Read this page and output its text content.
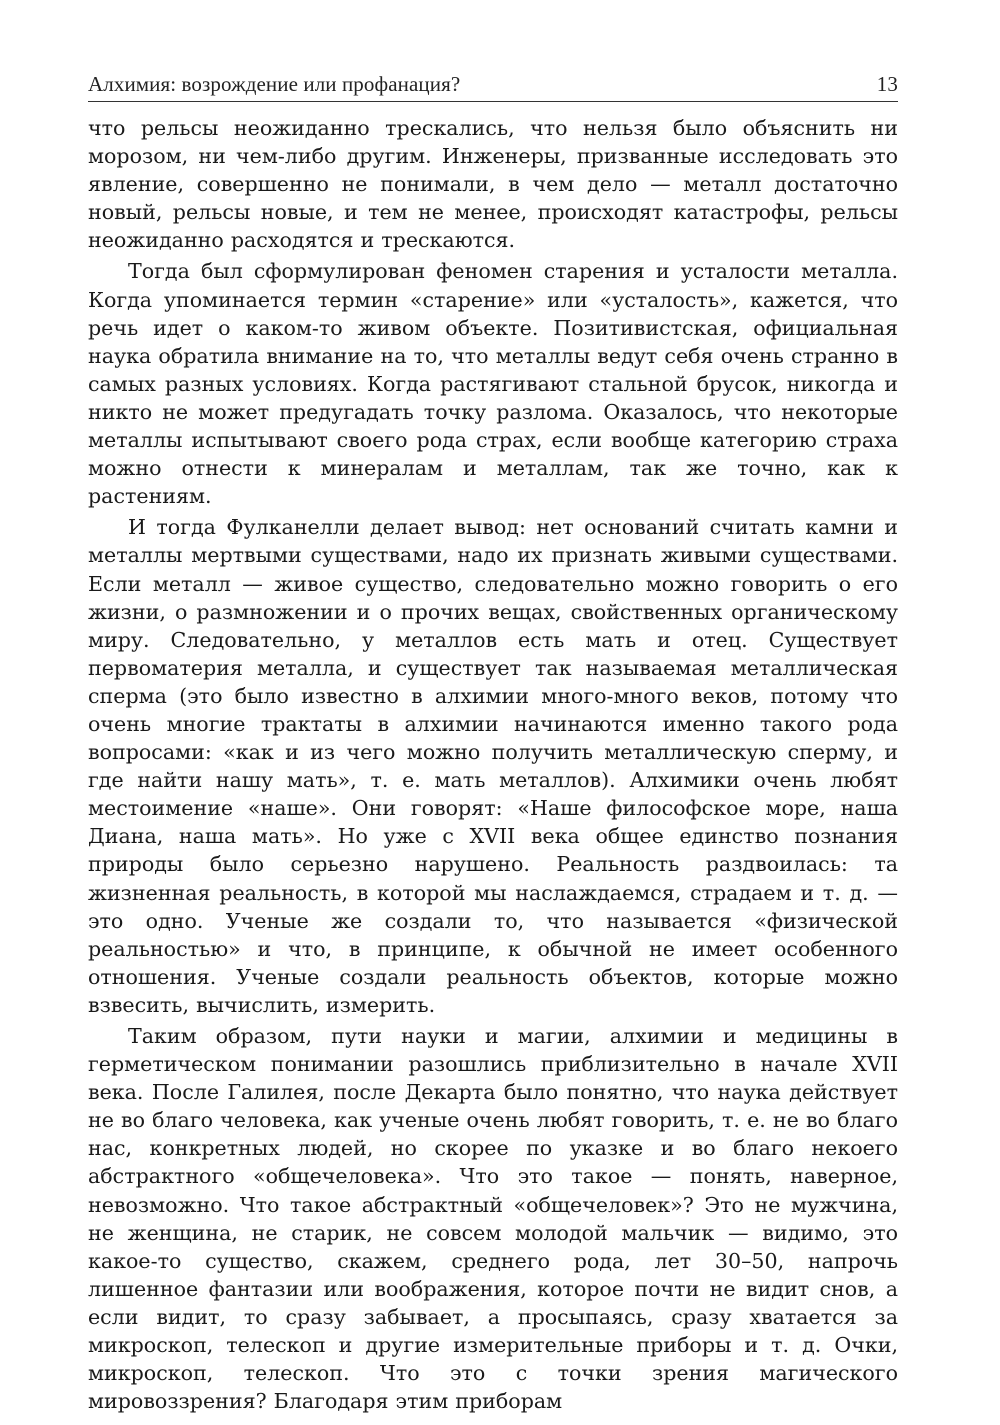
Алхимия: возрождение или профанация?	13

что рельсы неожиданно трескались, что нельзя было объяснить ни морозом, ни чем-либо другим. Инженеры, призванные исследовать это явление, совершенно не понимали, в чем дело — металл достаточно новый, рельсы новые, и тем не менее, происходят катастрофы, рельсы неожиданно расходятся и трескаются.

Тогда был сформулирован феномен старения и усталости металла. Когда упоминается термин «старение» или «усталость», кажется, что речь идет о каком-то живом объекте. Позитивистская, официальная наука обратила внимание на то, что металлы ведут себя очень странно в самых разных условиях. Когда растягивают стальной брусок, никогда и никто не может предугадать точку разлома. Оказалось, что некоторые металлы испытывают своего рода страх, если вообще категорию страха можно отнести к минералам и металлам, так же точно, как к растениям.

И тогда Фулканелли делает вывод: нет оснований считать камни и металлы мертвыми существами, надо их признать живыми существами. Если металл — живое существо, следовательно можно говорить о его жизни, о размножении и о прочих вещах, свойственных органическому миру. Следовательно, у металлов есть мать и отец. Существует первоматерия металла, и существует так называемая металлическая сперма (это было известно в алхимии много-много веков, потому что очень многие трактаты в алхимии начинаются именно такого рода вопросами: «как и из чего можно получить металлическую сперму, и где найти нашу мать», т. е. мать металлов). Алхимики очень любят местоимение «наше». Они говорят: «Наше философское море, наша Диана, наша мать». Но уже с XVII века общее единство познания природы было серьезно нарушено. Реальность раздвоилась: та жизненная реальность, в которой мы наслаждаемся, страдаем и т. д. — это одно. Ученые же создали то, что называется «физической реальностью» и что, в принципе, к обычной не имеет особенного отношения. Ученые создали реальность объектов, которые можно взвесить, вычислить, измерить.

Таким образом, пути науки и магии, алхимии и медицины в герметическом понимании разошлись приблизительно в начале XVII века. После Галилея, после Декарта было понятно, что наука действует не во благо человека, как ученые очень любят говорить, т. е. не во благо нас, конкретных людей, но скорее по указке и во благо некоего абстрактного «общечеловека». Что это такое — понять, наверное, невозможно. Что такое абстрактный «общечеловек»? Это не мужчина, не женщина, не старик, не совсем молодой мальчик — видимо, это какое-то существо, скажем, среднего рода, лет 30–50, напрочь лишенное фантазии или воображения, которое почти не видит снов, а если видит, то сразу забывает, а просыпаясь, сразу хватается за микроскоп, телескоп и другие измерительные приборы и т. д. Очки, микроскоп, телескоп. Что это с точки зрения магического мировоззрения? Благодаря этим приборам
